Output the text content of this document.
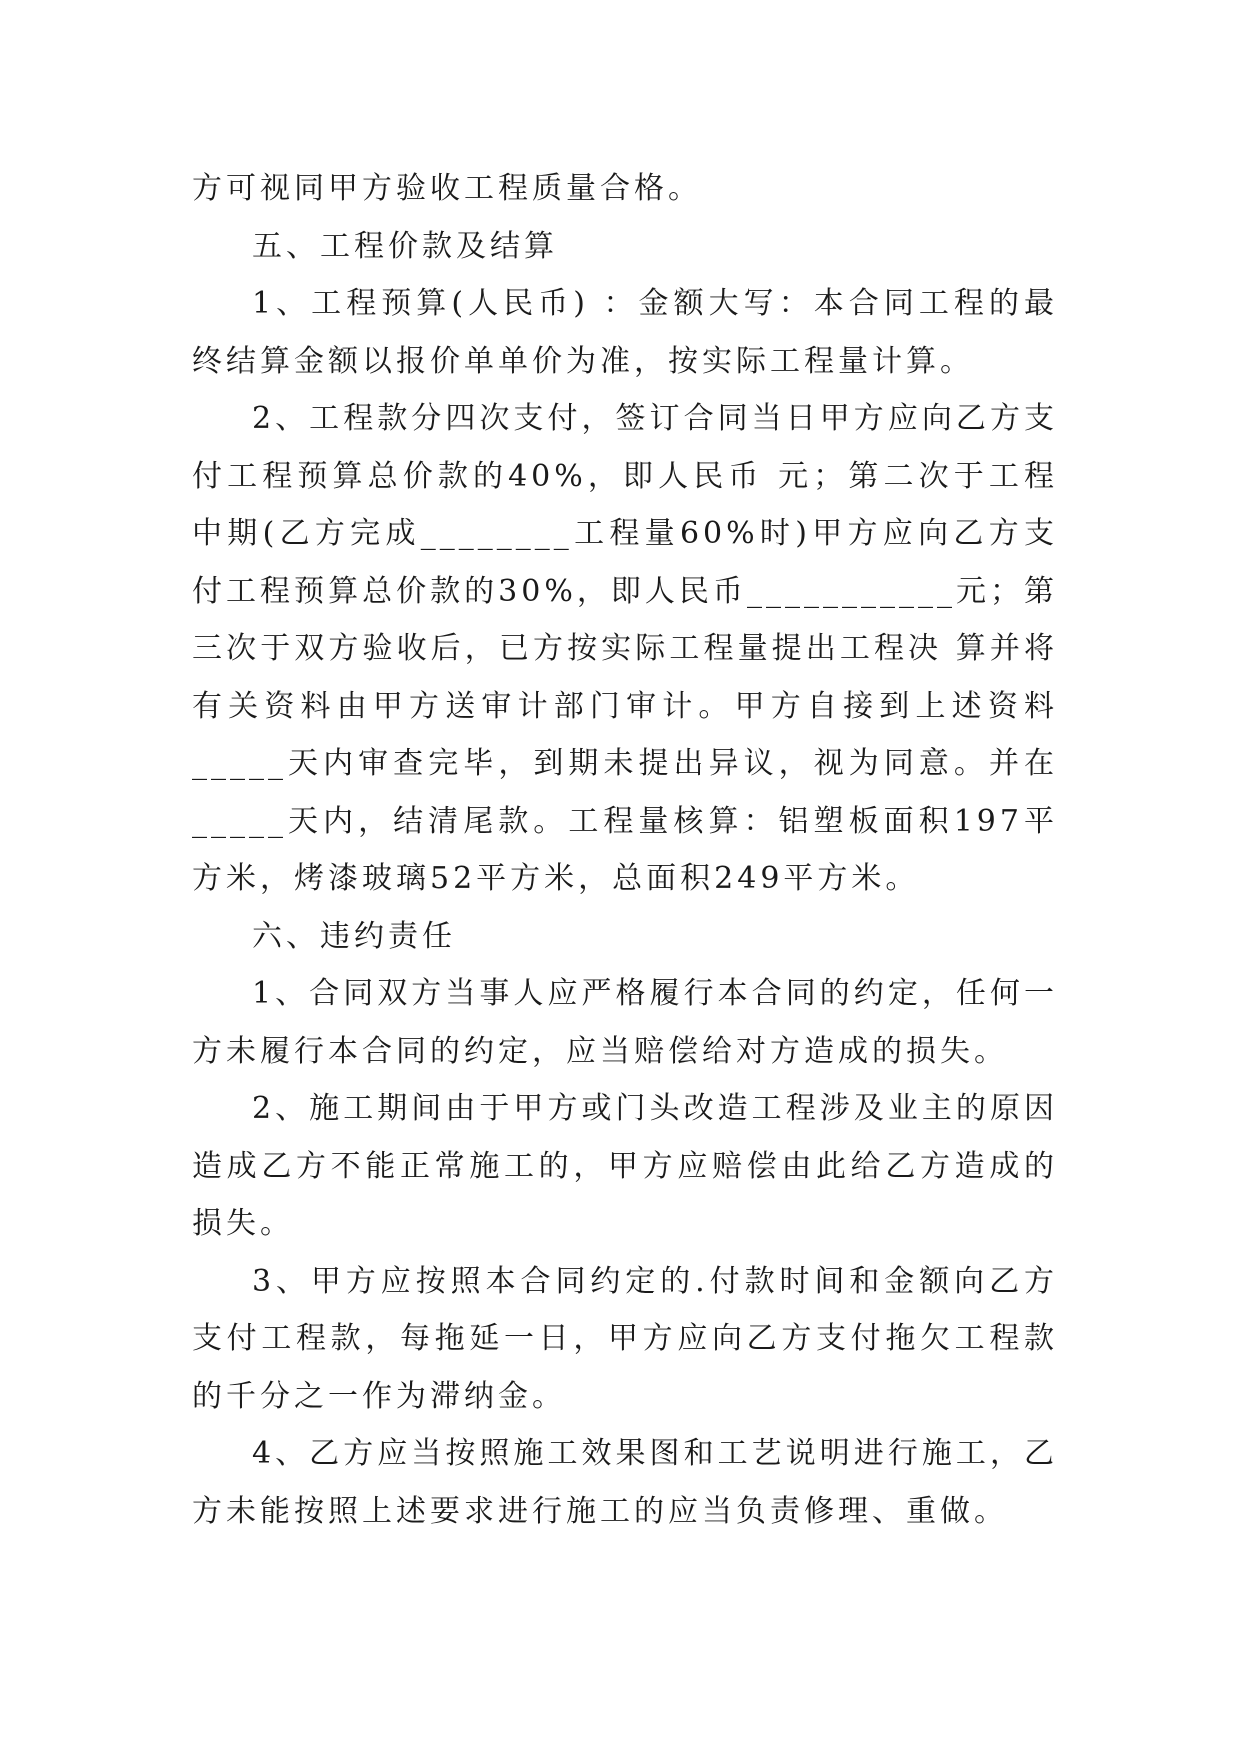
方可视同甲方验收工程质量合格。

五、工程价款及结算

1、工程预算(人民币) ：金额大写：本合同工程的最终结算金额以报价单单价为准，按实际工程量计算。

2、工程款分四次支付，签订合同当日甲方应向乙方支付工程预算总价款的40%，即人民币 元；第二次于工程中期(乙方完成________工程量60%时)甲方应向乙方支付工程预算总价款的30%，即人民币___________元；第三次于双方验收后，已方按实际工程量提出工程决 算并将有关资料由甲方送审计部门审计。甲方自接到上述资料_____天内审查完毕，到期未提出异议，视为同意。并在_____天内，结清尾款。工程量核算：铝塑板面积197平方米，烤漆玻璃52平方米，总面积249平方米。

六、违约责任

1、合同双方当事人应严格履行本合同的约定，任何一方未履行本合同的约定，应当赔偿给对方造成的损失。

2、施工期间由于甲方或门头改造工程涉及业主的原因造成乙方不能正常施工的，甲方应赔偿由此给乙方造成的损失。

3、甲方应按照本合同约定的.付款时间和金额向乙方支付工程款，每拖延一日，甲方应向乙方支付拖欠工程款的千分之一作为滞纳金。

4、乙方应当按照施工效果图和工艺说明进行施工，乙方未能按照上述要求进行施工的应当负责修理、重做。
